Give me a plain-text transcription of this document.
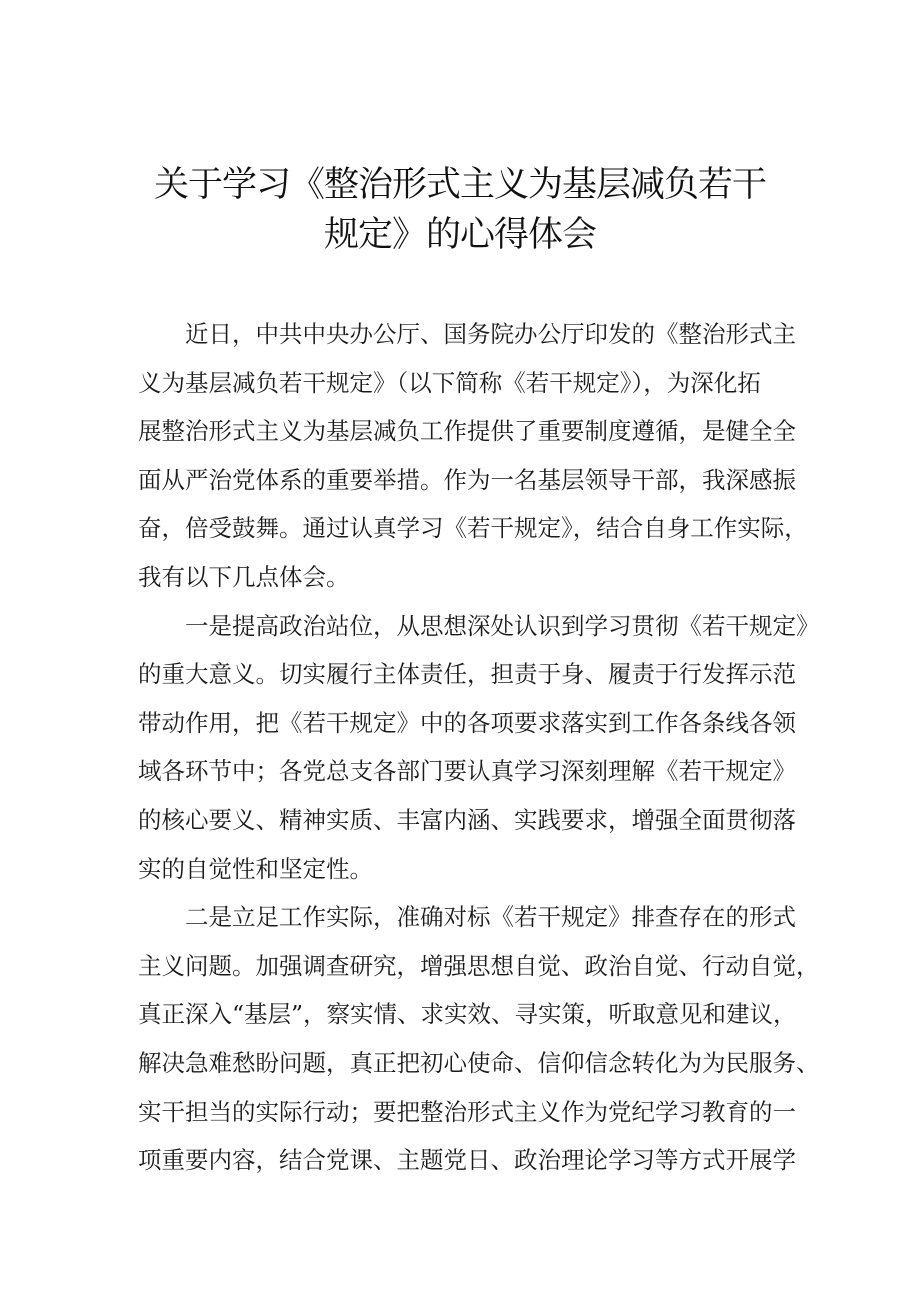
关于学习《整治形式主义为基层减负若干
规定》的心得体会
近日，中共中央办公厅、国务院办公厅印发的《整治形式主
义为基层减负若干规定》（以下简称《若干规定》），为深化拓
展整治形式主义为基层减负工作提供了重要制度遵循，是健全全
面从严治党体系的重要举措。作为一名基层领导干部，我深感振
奋，倍受鼓舞。通过认真学习《若干规定》，结合自身工作实际，
我有以下几点体会。
一是提高政治站位，从思想深处认识到学习贯彻《若干规定》
的重大意义。切实履行主体责任，担责于身、履责于行发挥示范
带动作用，把《若干规定》中的各项要求落实到工作各条线各领
域各环节中；各党总支各部门要认真学习深刻理解《若干规定》
的核心要义、精神实质、丰富内涵、实践要求，增强全面贯彻落
实的自觉性和坚定性。
二是立足工作实际，准确对标《若干规定》排查存在的形式
主义问题。加强调查研究，增强思想自觉、政治自觉、行动自觉，
真正深入“基层”，察实情、求实效、寻实策，听取意见和建议，
解决急难愁盼问题，真正把初心使命、信仰信念转化为为民服务、
实干担当的实际行动；要把整治形式主义作为党纪学习教育的一
项重要内容，结合党课、主题党日、政治理论学习等方式开展学
